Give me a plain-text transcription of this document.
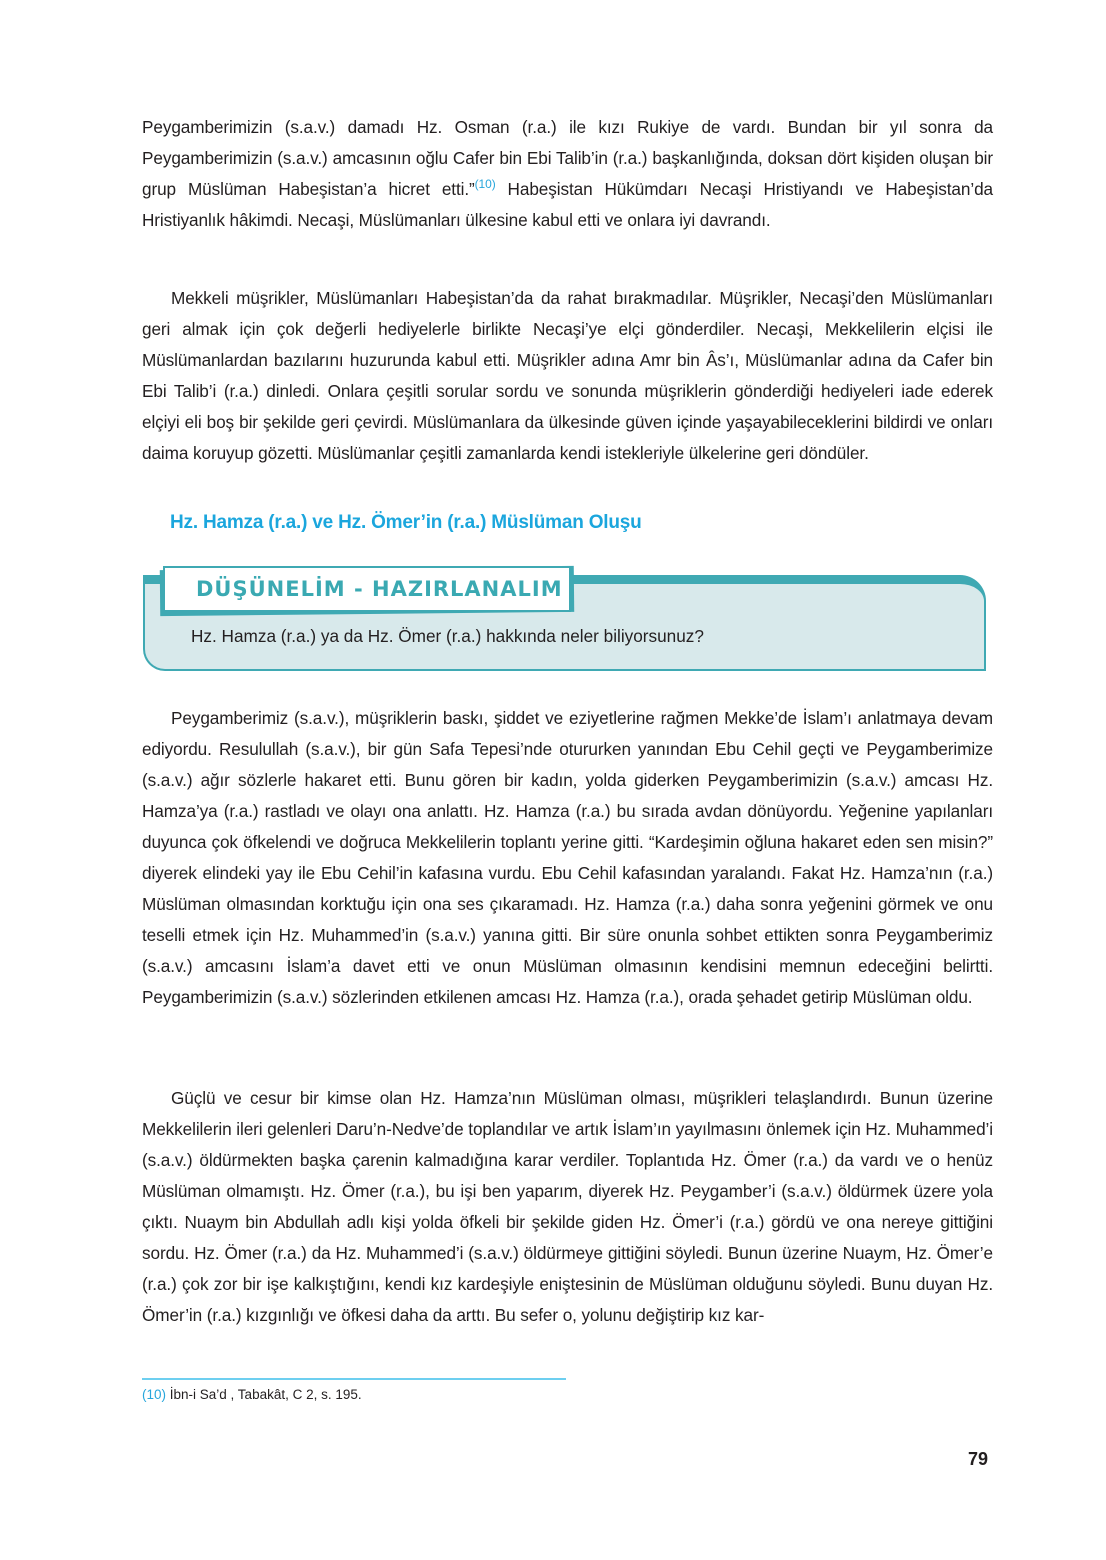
Peygamberimizin (s.a.v.) damadı Hz. Osman (r.a.) ile kızı Rukiye de vardı. Bundan bir yıl sonra da Peygamberimizin (s.a.v.) amcasının oğlu Cafer bin Ebi Talib’in (r.a.) başkanlığında, doksan dört kişiden oluşan bir grup Müslüman Habeşistan’a hicret etti.”$^{(10)}$ Habeşistan Hükümdarı Necaşi Hristiyandı ve Habeşistan’da Hristiyanlık hâkimdi. Necaşi, Müslümanları ülkesine kabul etti ve onlara iyi davrandı.

Mekkeli müşrikler, Müslümanları Habeşistan’da da rahat bırakmadılar. Müşrikler, Necaşi’den Müslümanları geri almak için çok değerli hediyelerle birlikte Necaşi’ye elçi gönderdiler. Necaşi, Mekkelilerin elçisi ile Müslümanlardan bazılarını huzurunda kabul etti. Müşrikler adına Amr bin Âs’ı, Müslümanlar adına da Cafer bin Ebi Talib’i (r.a.) dinledi. Onlara çeşitli sorular sordu ve sonunda müşriklerin gönderdiği hediyeleri iade ederek elçiyi eli boş bir şekilde geri çevirdi. Müslümanlara da ülkesinde güven içinde yaşayabileceklerini bildirdi ve onları daima koruyup gözetti. Müslümanlar çeşitli zamanlarda kendi istekleriyle ülkelerine geri döndüler.

Hz. Hamza (r.a.) ve Hz. Ömer’in (r.a.) Müslüman Oluşu
DÜŞÜNELİM - HAZIRLANALIM
Hz. Hamza (r.a.) ya da Hz. Ömer (r.a.) hakkında neler biliyorsunuz?

Peygamberimiz (s.a.v.), müşriklerin baskı, şiddet ve eziyetlerine rağmen Mekke’de İslam’ı anlatmaya devam ediyordu. Resulullah (s.a.v.), bir gün Safa Tepesi’nde otururken yanından Ebu Cehil geçti ve Peygamberimize (s.a.v.) ağır sözlerle hakaret etti. Bunu gören bir kadın, yolda giderken Peygamberimizin (s.a.v.) amcası Hz. Hamza’ya (r.a.) rastladı ve olayı ona anlattı. Hz. Hamza (r.a.) bu sırada avdan dönüyordu. Yeğenine yapılanları duyunca çok öfkelendi ve doğruca Mekkelilerin toplantı yerine gitti. “Kardeşimin oğluna hakaret eden sen misin?” diyerek elindeki yay ile Ebu Cehil’in kafasına vurdu. Ebu Cehil kafasından yaralandı. Fakat Hz. Hamza’nın (r.a.) Müslüman olmasından korktuğu için ona ses çıkaramadı. Hz. Hamza (r.a.) daha sonra yeğenini görmek ve onu teselli etmek için Hz. Muhammed’in (s.a.v.) yanına gitti. Bir süre onunla sohbet ettikten sonra Peygamberimiz (s.a.v.) amcasını İslam’a davet etti ve onun Müslüman olmasının kendisini memnun edeceğini belirtti. Peygamberimizin (s.a.v.) sözlerinden etkilenen amcası Hz. Hamza (r.a.), orada şehadet getirip Müslüman oldu.

Güçlü ve cesur bir kimse olan Hz. Hamza’nın Müslüman olması, müşrikleri telaşlandırdı. Bunun üzerine Mekkelilerin ileri gelenleri Daru’n-Nedve’de toplandılar ve artık İslam’ın yayılmasını önlemek için Hz. Muhammed’i (s.a.v.) öldürmekten başka çarenin kalmadığına karar verdiler. Toplantıda Hz. Ömer (r.a.) da vardı ve o henüz Müslüman olmamıştı. Hz. Ömer (r.a.), bu işi ben yaparım, diyerek Hz. Peygamber’i (s.a.v.) öldürmek üzere yola çıktı. Nuaym bin Abdullah adlı kişi yolda öfkeli bir şekilde giden Hz. Ömer’i (r.a.) gördü ve ona nereye gittiğini sordu. Hz. Ömer (r.a.) da Hz. Muhammed’i (s.a.v.) öldürmeye gittiğini söyledi. Bunun üzerine Nuaym, Hz. Ömer’e (r.a.) çok zor bir işe kalkıştığını, kendi kız kardeşiyle eniştesinin de Müslüman olduğunu söyledi. Bunu duyan Hz. Ömer’in (r.a.) kızgınlığı ve öfkesi daha da arttı. Bu sefer o, yolunu değiştirip kız kar-

(10) İbn-i Sa’d , Tabakât, C 2, s. 195.
79
